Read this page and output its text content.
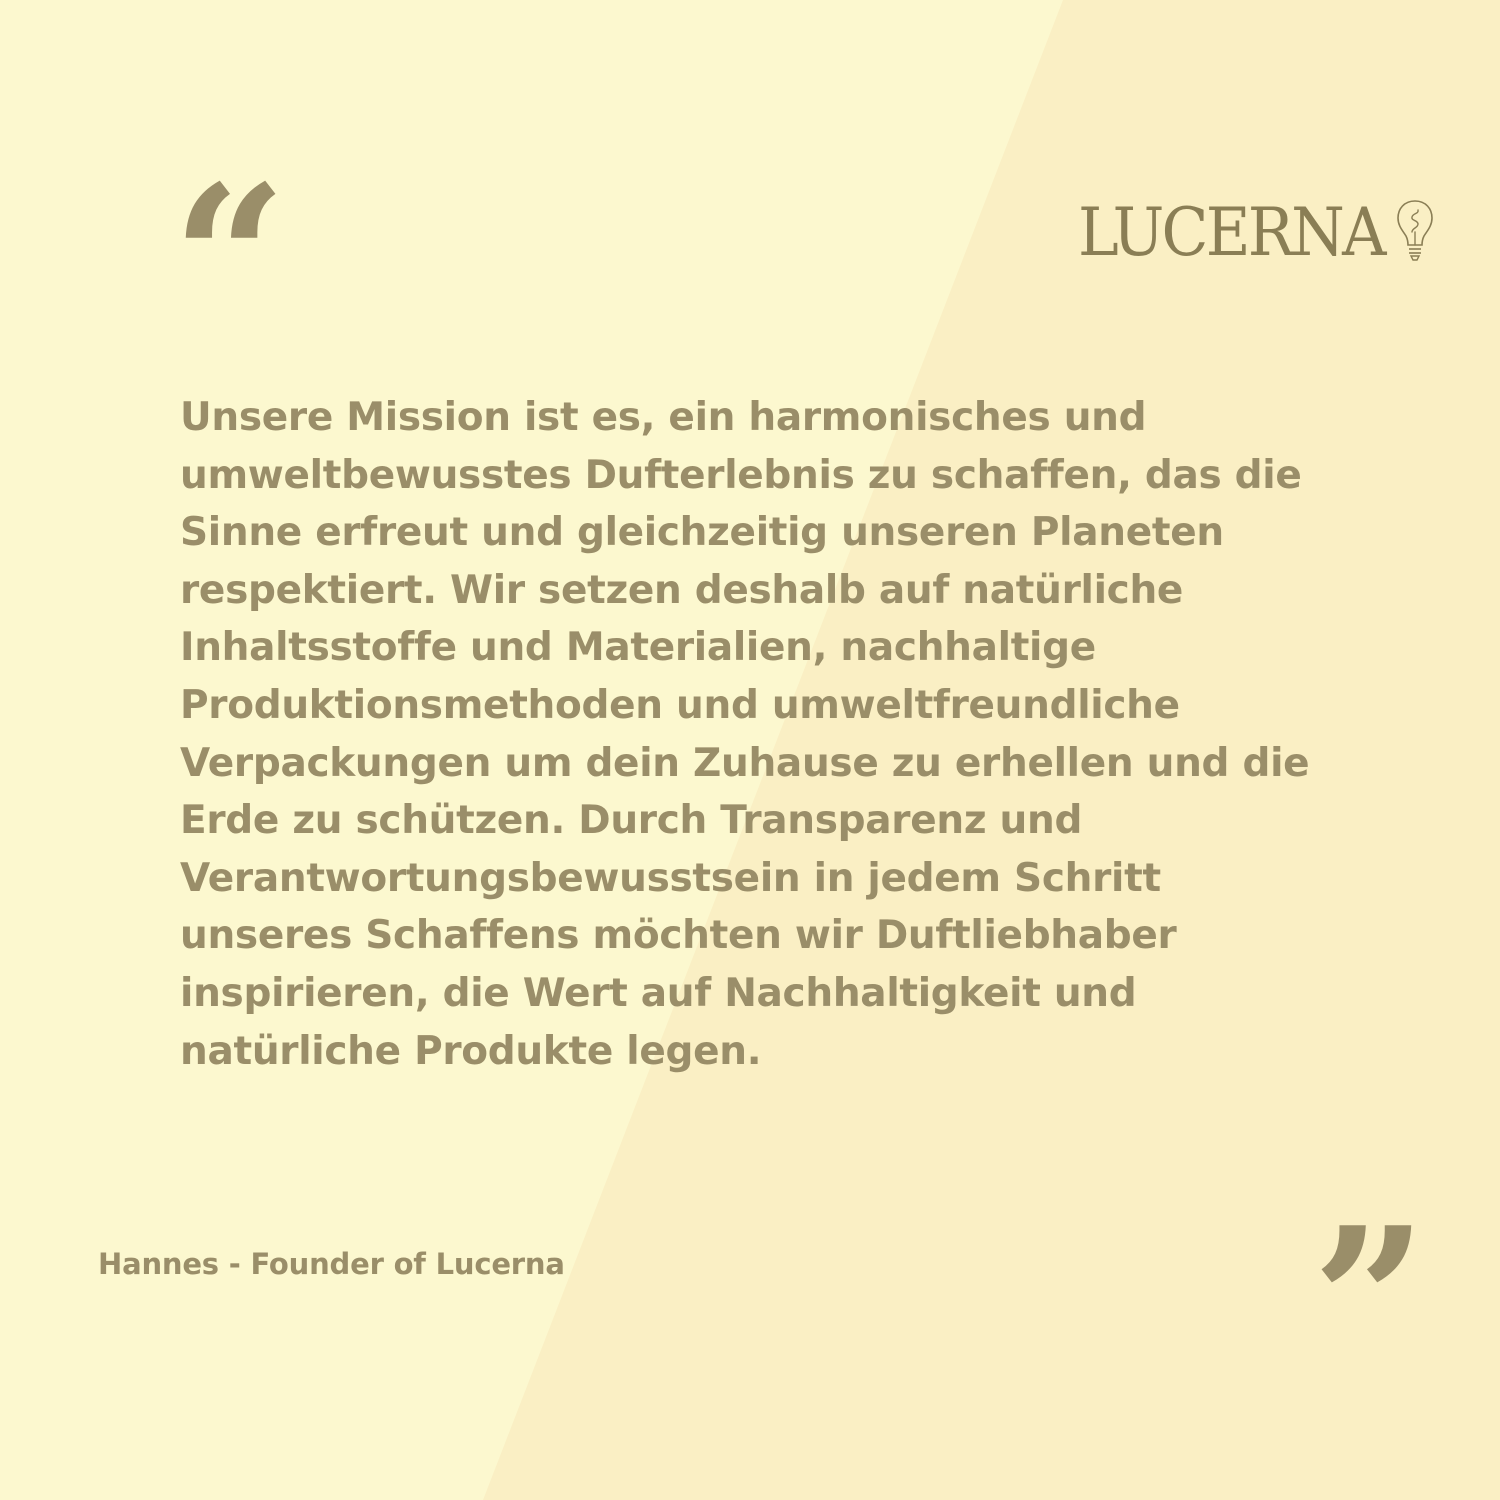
“	LUCERNA

Unsere Mission ist es, ein harmonisches und
umweltbewusstes Dufterlebnis zu schaffen, das die
Sinne erfreut und gleichzeitig unseren Planeten
respektiert. Wir setzen deshalb auf natürliche
Inhaltsstoffe und Materialien, nachhaltige
Produktionsmethoden und umweltfreundliche
Verpackungen um dein Zuhause zu erhellen und die
Erde zu schützen. Durch Transparenz und
Verantwortungsbewusstsein in jedem Schritt
unseres Schaffens möchten wir Duftliebhaber
inspirieren, die Wert auf Nachhaltigkeit und
natürliche Produkte legen.

Hannes - Founder of Lucerna	”
